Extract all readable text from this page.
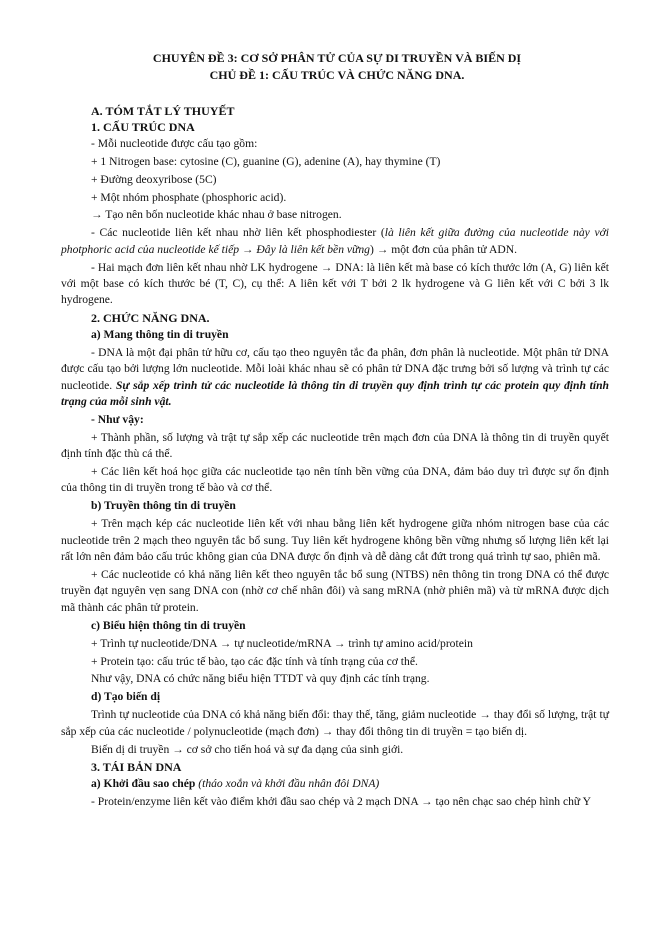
CHUYÊN ĐỀ 3: CƠ SỞ PHÂN TỬ CỦA SỰ DI TRUYỀN VÀ BIẾN DỊ
CHỦ ĐỀ 1: CẤU TRÚC VÀ CHỨC NĂNG DNA.
A. TÓM TẮT LÝ THUYẾT
1. CẤU TRÚC DNA
- Mỗi nucleotide được cấu tạo gồm:
+ 1 Nitrogen base: cytosine (C), guanine (G), adenine (A), hay thymine (T)
+ Đường deoxyribose (5C)
+ Một nhóm phosphate (phosphoric acid).
→ Tạo nên bốn nucleotide khác nhau ở base nitrogen.
- Các nucleotide liên kết nhau nhờ liên kết phosphodiester (là liên kết giữa đường của nucleotide này với photphoric acid của nucleotide kế tiếp → Đây là liên kết bền vững) → một đơn của phân tử ADN.
- Hai mạch đơn liên kết nhau nhờ LK hydrogene → DNA: là liên kết mà base có kích thước lớn (A, G) liên kết với một base có kích thước bé (T, C), cụ thể: A liên kết với T bởi 2 lk hydrogene và G liên kết với C bởi 3 lk hydrogene.
2. CHỨC NĂNG DNA.
a) Mang thông tin di truyền
- DNA là một đại phân tử hữu cơ, cấu tạo theo nguyên tắc đa phân, đơn phân là nucleotide. Một phân tử DNA được cấu tạo bởi lượng lớn nucleotide. Mỗi loài khác nhau sẽ có phân tử DNA đặc trưng bởi số lượng và trình tự các nucleotide. Sự sắp xếp trình tử các nucleotide là thông tin di truyền quy định trình tự các protein quy định tính trạng của mỗi sinh vật.
- Như vậy:
+ Thành phần, số lượng và trật tự sắp xếp các nucleotide trên mạch đơn của DNA là thông tin di truyền quyết định tính đặc thù cá thể.
+ Các liên kết hoá học giữa các nucleotide tạo nên tính bền vững của DNA, đảm bảo duy trì được sự ổn định của thông tin di truyền trong tế bào và cơ thể.
b) Truyền thông tin di truyền
+ Trên mạch kép các nucleotide liên kết với nhau bằng liên kết hydrogene giữa nhóm nitrogen base của các nucleotide trên 2 mạch theo nguyên tắc bổ sung. Tuy liên kết hydrogene không bền vững nhưng số lượng liên kết lại rất lớn nên đảm bảo cấu trúc không gian của DNA được ổn định và dễ dàng cắt đứt trong quá trình tự sao, phiên mã.
+ Các nucleotide có khả năng liên kết theo nguyên tắc bổ sung (NTBS) nên thông tin trong DNA có thể được truyền đạt nguyên vẹn sang DNA con (nhờ cơ chế nhân đôi) và sang mRNA (nhờ phiên mã) và từ mRNA được dịch mã thành các phân tử protein.
c) Biểu hiện thông tin di truyền
+ Trình tự nucleotide/DNA → tự nucleotide/mRNA → trình tự amino acid/protein
+ Protein tạo: cấu trúc tế bào, tạo các đặc tính và tính trạng của cơ thể.
Như vậy, DNA có chức năng biểu hiện TTDT và quy định các tính trạng.
d) Tạo biến dị
Trình tự nucleotide của DNA có khả năng biến đổi: thay thế, tăng, giảm nucleotide → thay đổi số lượng, trật tự sắp xếp của các nucleotide / polynucleotide (mạch đơn) → thay đổi thông tin di truyền = tạo biến dị.
Biến dị di truyền → cơ sở cho tiến hoá và sự đa dạng của sinh giới.
3. TÁI BẢN DNA
a) Khởi đầu sao chép (tháo xoắn và khởi đầu nhân đôi DNA)
- Protein/enzyme liên kết vào điểm khởi đầu sao chép và 2 mạch DNA → tạo nên chạc sao chép hình chữ Y
